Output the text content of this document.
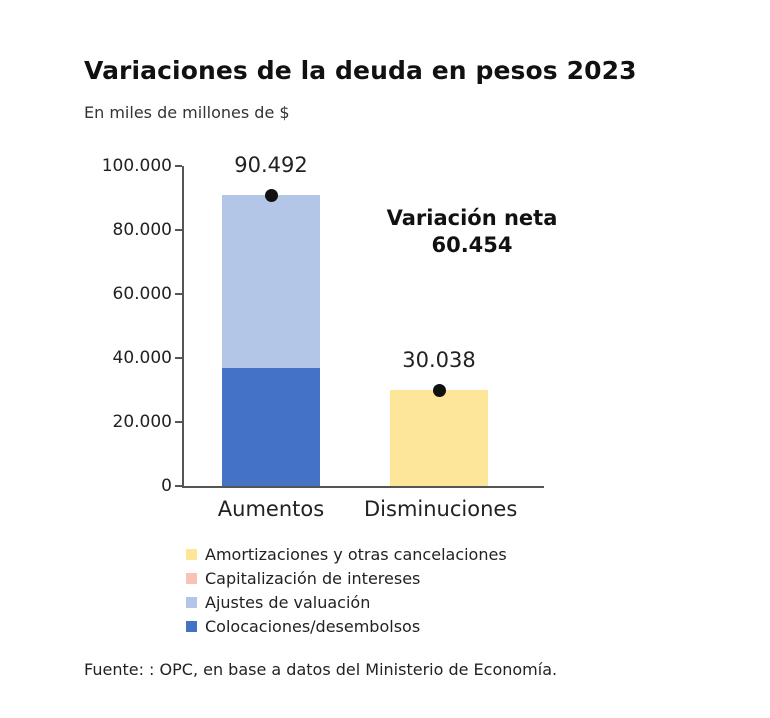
Variaciones de la deuda en pesos 2023
En miles de millones de $
100.000
80.000
60.000
40.000
20.000
0
90.492
30.038
Aumentos	Disminuciones
Variación neta
60.454
Amortizaciones y otras cancelaciones
Capitalización de intereses
Ajustes de valuación
Colocaciones/desembolsos
Fuente: : OPC, en base a datos del Ministerio de Economía.
